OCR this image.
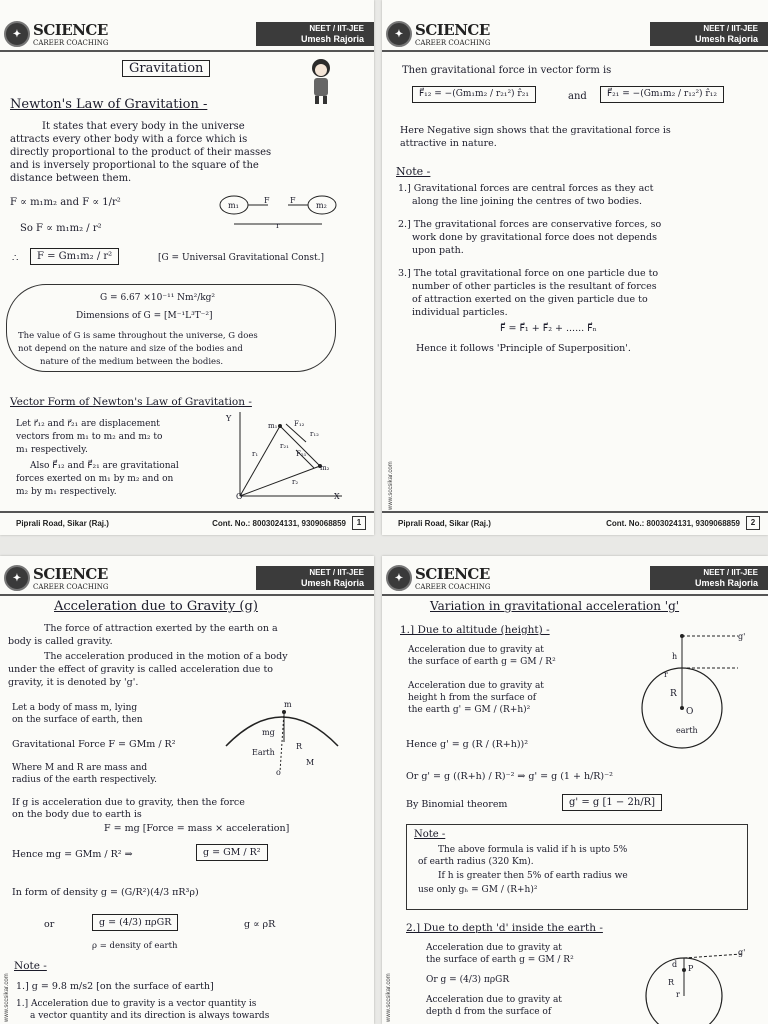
✦ SCIENCE
CAREER COACHING
NEET / IIT-JEE
Umesh Rajoria
Gravitation
Newton's Law of Gravitation -
It states that every body in the universe
attracts every other body with a force which is
directly proportional to the product of their masses
and is inversely proportional to the square of the
distance between them.
F ∝ m₁m₂ and F ∝ 1/r²
So F ∝ m₁m₂ / r²
m₁	m₂
F	F
r
∴	F = Gm₁m₂ / r²	[G = Universal Gravitational Const.]
G = 6.67 ×10⁻¹¹ Nm²/kg²
Dimensions of G = [M⁻¹L³T⁻²]
The value of G is same throughout the universe, G does
not depend on the nature and size of the bodies and
nature of the medium between the bodies.
Vector Form of Newton's Law of Gravitation -
Let r⃗₁₂ and r⃗₂₁ are displacement
vectors from m₁ to m₂ and m₂ to
m₁ respectively.
Also F⃗₁₂ and F⃗₂₁ are gravitational
forces exerted on m₁ by m₂ and on
m₂ by m₁ respectively.
Y
X
O
m₁
m₂
F₁₂
F₂₁
r₁₂
r₂₁
r₁
r₂
Piprali Road, Sikar (Raj.)	Cont. No.: 8003024131, 9309068859	1
✦ SCIENCE
CAREER COACHING
NEET / IIT-JEE
Umesh Rajoria
Then gravitational force in vector form is
F⃗₁₂ = −(Gm₁m₂ / r₂₁²) r̂₂₁	and	F⃗₂₁ = −(Gm₁m₂ / r₁₂²) r̂₁₂
Here Negative sign shows that the gravitational force is
attractive in nature.
Note -
1.] Gravitational forces are central forces as they act
along the line joining the centres of two bodies.
2.] The gravitational forces are conservative forces, so
work done by gravitational force does not depends
upon path.
3.] The total gravitational force on one particle due to
number of other particles is the resultant of forces
of attraction exerted on the given particle due to
individual particles.
F⃗ = F⃗₁ + F⃗₂ + ...... F⃗ₙ
Hence it follows 'Principle of Superposition'.
www.sccsikar.com
Piprali Road, Sikar (Raj.)	Cont. No.: 8003024131, 9309068859	2
✦ SCIENCE
CAREER COACHING
NEET / IIT-JEE
Umesh Rajoria
Acceleration due to Gravity (g)
The force of attraction exerted by the earth on a
body is called gravity.
The acceleration produced in the motion of a body
under the effect of gravity is called acceleration due to
gravity, it is denoted by 'g'.
Let a body of mass m, lying
on the surface of earth, then
Gravitational Force F = GMm / R²
Where M and R are mass and
radius of the earth respectively.
m
mg
Earth
R
M
o
If g is acceleration due to gravity, then the force
on the body due to earth is
F = mg [Force = mass × acceleration]
Hence mg = GMm / R² ⇒	g = GM / R²
In form of density g = (G/R²)(4/3 πR³ρ)
or	g = (4/3) πρGR	g ∝ ρR
ρ = density of earth
Note -
1.] g = 9.8 m/s2 [on the surface of earth]
1.] Acceleration due to gravity is a vector quantity is
a vector quantity and its direction is always towards
www.sccsikar.com
✦ SCIENCE
CAREER COACHING
NEET / IIT-JEE
Umesh Rajoria
Variation in gravitational acceleration 'g'
1.] Due to altitude (height) -
Acceleration due to gravity at
the surface of earth g = GM / R²
Acceleration due to gravity at
height h from the surface of
the earth g' = GM / (R+h)²
Hence g' = g (R / (R+h))²
Or g' = g ((R+h) / R)⁻² ⇒ g' = g (1 + h/R)⁻²
By Binomial theorem	g' = g [1 − 2h/R]
g'
h
r
R
O
earth
Note -
The above formula is valid if h is upto 5%
of earth radius (320 Km).
If h is greater then 5% of earth radius we
use only gₕ = GM / (R+h)²
2.] Due to depth 'd' inside the earth -
Acceleration due to gravity at
the surface of earth g = GM / R²
Or g = (4/3) πρGR
Acceleration due to gravity at
depth d from the surface of
g'
d P
R
r
www.sccsikar.com
